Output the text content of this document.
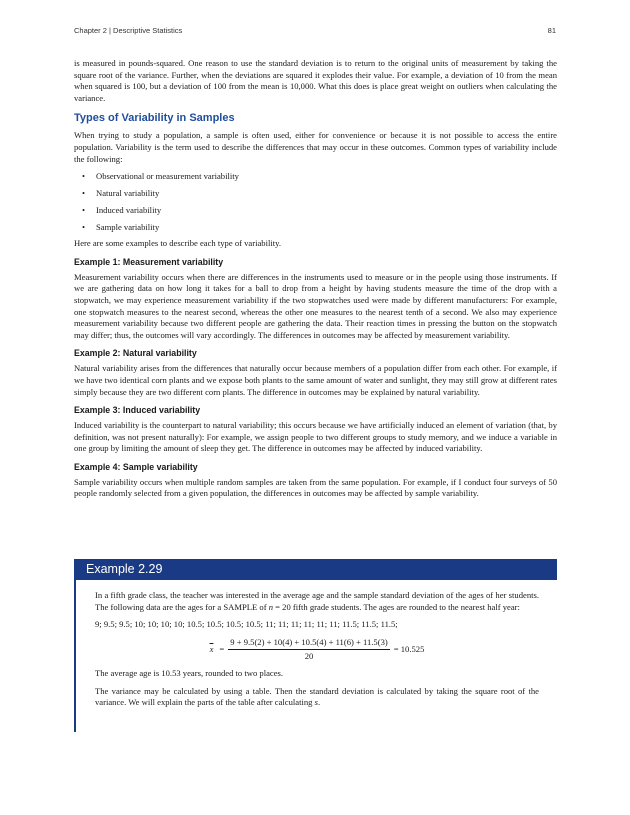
Chapter 2 | Descriptive Statistics	81

is measured in pounds-squared. One reason to use the standard deviation is to return to the original units of measurement by taking the square root of the variance. Further, when the deviations are squared it explodes their value. For example, a deviation of 10 from the mean when squared is 100, but a deviation of 100 from the mean is 10,000. What this does is place great weight on outliers when calculating the variance.

Types of Variability in Samples

When trying to study a population, a sample is often used, either for convenience or because it is not possible to access the entire population. Variability is the term used to describe the differences that may occur in these outcomes. Common types of variability include the following:

• Observational or measurement variability
• Natural variability
• Induced variability
• Sample variability

Here are some examples to describe each type of variability.

Example 1: Measurement variability

Measurement variability occurs when there are differences in the instruments used to measure or in the people using those instruments. If we are gathering data on how long it takes for a ball to drop from a height by having students measure the time of the drop with a stopwatch, we may experience measurement variability if the two stopwatches used were made by different manufacturers: For example, one stopwatch measures to the nearest second, whereas the other one measures to the nearest tenth of a second. We also may experience measurement variability because two different people are gathering the data. Their reaction times in pressing the button on the stopwatch may differ; thus, the outcomes will vary accordingly. The differences in outcomes may be affected by measurement variability.

Example 2: Natural variability

Natural variability arises from the differences that naturally occur because members of a population differ from each other. For example, if we have two identical corn plants and we expose both plants to the same amount of water and sunlight, they may still grow at different rates simply because they are two different corn plants. The difference in outcomes may be explained by natural variability.

Example 3: Induced variability

Induced variability is the counterpart to natural variability; this occurs because we have artificially induced an element of variation (that, by definition, was not present naturally): For example, we assign people to two different groups to study memory, and we induce a variable in one group by limiting the amount of sleep they get. The difference in outcomes may be affected by induced variability.

Example 4: Sample variability

Sample variability occurs when multiple random samples are taken from the same population. For example, if I conduct four surveys of 50 people randomly selected from a given population, the differences in outcomes may be affected by sample variability.

Example 2.29

In a fifth grade class, the teacher was interested in the average age and the sample standard deviation of the ages of her students. The following data are the ages for a SAMPLE of n = 20 fifth grade students. The ages are rounded to the nearest half year:

9; 9.5; 9.5; 10; 10; 10; 10; 10.5; 10.5; 10.5; 10.5; 11; 11; 11; 11; 11; 11; 11.5; 11.5; 11.5;

$\overline{x} = \frac{9 + 9.5(2) + 10(4) + 10.5(4) + 11(6) + 11.5(3)}{20} = 10.525$

The average age is 10.53 years, rounded to two places.

The variance may be calculated by using a table. Then the standard deviation is calculated by taking the square root of the variance. We will explain the parts of the table after calculating s.
